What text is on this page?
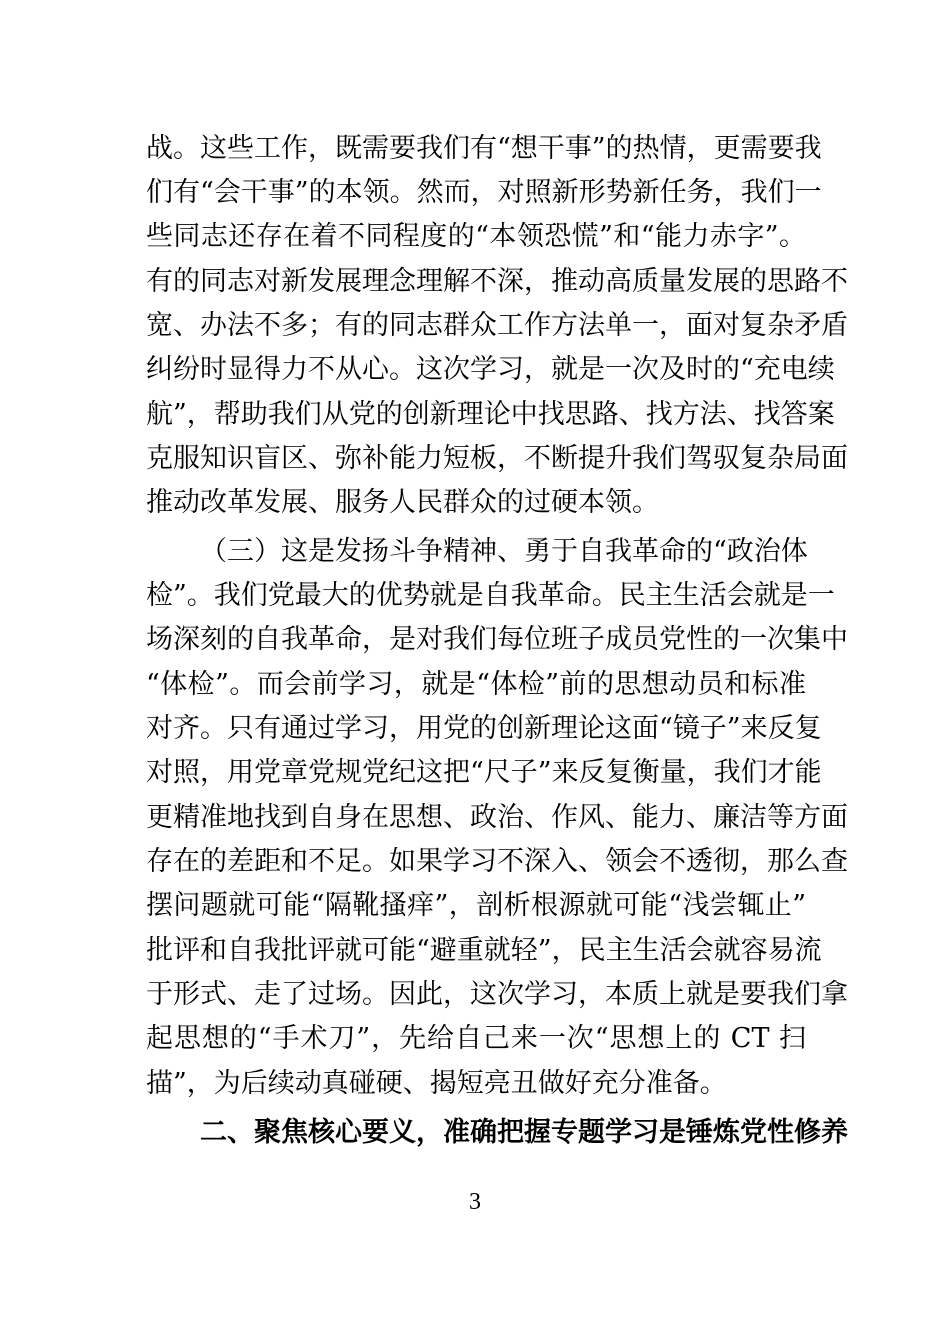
战。这些工作，既需要我们有“想干事”的热情，更需要我
们有“会干事”的本领。然而，对照新形势新任务，我们一
些同志还存在着不同程度的“本领恐慌”和“能力赤字”。
有的同志对新发展理念理解不深，推动高质量发展的思路不
宽、办法不多；有的同志群众工作方法单一，面对复杂矛盾
纠纷时显得力不从心。这次学习，就是一次及时的“充电续
航”，帮助我们从党的创新理论中找思路、找方法、找答案
克服知识盲区、弥补能力短板，不断提升我们驾驭复杂局面
推动改革发展、服务人民群众的过硬本领。
（三）这是发扬斗争精神、勇于自我革命的“政治体
检”。我们党最大的优势就是自我革命。民主生活会就是一
场深刻的自我革命，是对我们每位班子成员党性的一次集中
“体检”。而会前学习，就是“体检”前的思想动员和标准
对齐。只有通过学习，用党的创新理论这面“镜子”来反复
对照，用党章党规党纪这把“尺子”来反复衡量，我们才能
更精准地找到自身在思想、政治、作风、能力、廉洁等方面
存在的差距和不足。如果学习不深入、领会不透彻，那么查
摆问题就可能“隔靴搔痒”，剖析根源就可能“浅尝辄止”
批评和自我批评就可能“避重就轻”，民主生活会就容易流
于形式、走了过场。因此，这次学习，本质上就是要我们拿
起思想的“手术刀”，先给自己来一次“思想上的 CT 扫
描”，为后续动真碰硬、揭短亮丑做好充分准备。
二、聚焦核心要义，准确把握专题学习是锤炼党性修养
3
